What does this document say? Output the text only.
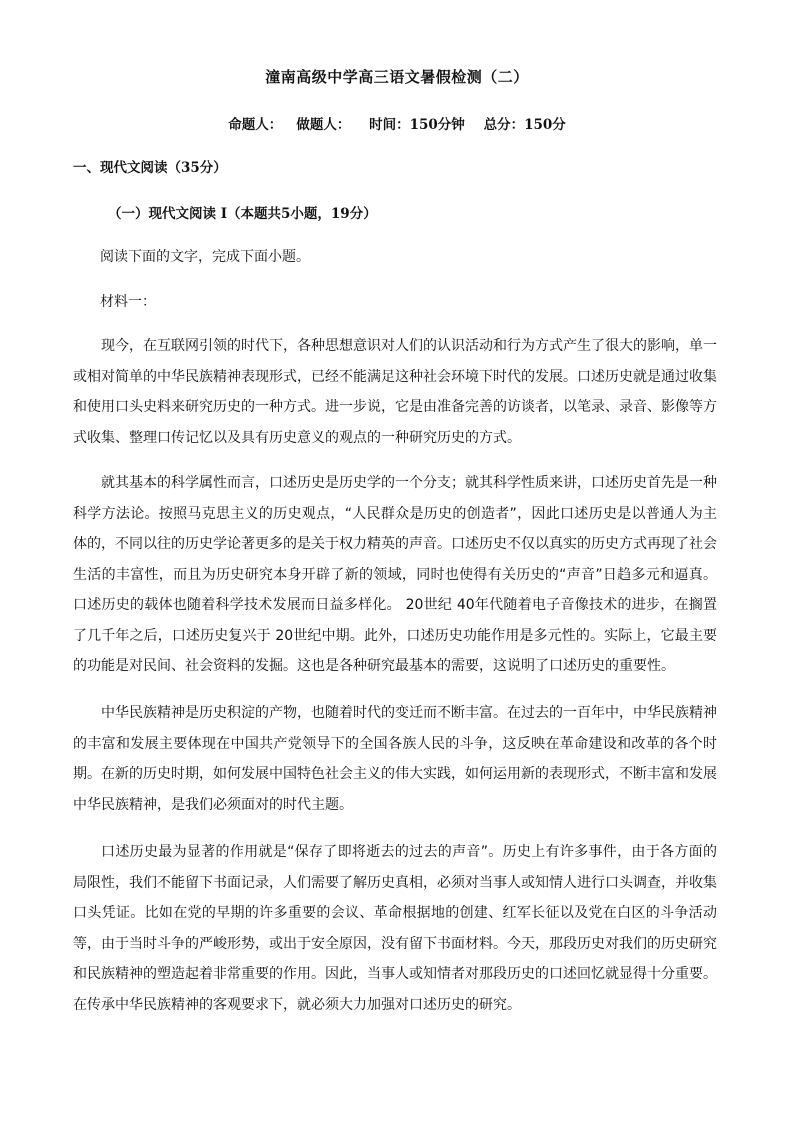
潼南高级中学高三语文暑假检测（二）
命题人：   做题人：    时间：150分钟    总分：150分
一、现代文阅读（35分）
（一）现代文阅读 I（本题共5小题，19分）
阅读下面的文字，完成下面小题。
材料一：
现今，在互联网引领的时代下，各种思想意识对人们的认识活动和行为方式产生了很大的影响，单一或相对简单的中华民族精神表现形式，已经不能满足这种社会环境下时代的发展。口述历史就是通过收集和使用口头史料来研究历史的一种方式。进一步说，它是由准备完善的访谈者，以笔录、录音、影像等方式收集、整理口传记忆以及具有历史意义的观点的一种研究历史的方式。
就其基本的科学属性而言，口述历史是历史学的一个分支；就其科学性质来讲，口述历史首先是一种科学方法论。按照马克思主义的历史观点，“人民群众是历史的创造者”，因此口述历史是以普通人为主体的，不同以往的历史学论著更多的是关于权力精英的声音。口述历史不仅以真实的历史方式再现了社会生活的丰富性，而且为历史研究本身开辟了新的领域，同时也使得有关历史的“声音”日趋多元和逼真。口述历史的载体也随着科学技术发展而日益多样化。 20世纪 40年代随着电子音像技术的进步，在搁置了几千年之后，口述历史复兴于 20世纪中期。此外，口述历史功能作用是多元性的。实际上，它最主要的功能是对民间、社会资料的发掘。这也是各种研究最基本的需要，这说明了口述历史的重要性。
中华民族精神是历史积淀的产物，也随着时代的变迁而不断丰富。在过去的一百年中，中华民族精神的丰富和发展主要体现在中国共产党领导下的全国各族人民的斗争，这反映在革命建设和改革的各个时期。在新的历史时期，如何发展中国特色社会主义的伟大实践，如何运用新的表现形式，不断丰富和发展中华民族精神，是我们必须面对的时代主题。
口述历史最为显著的作用就是“保存了即将逝去的过去的声音”。历史上有许多事件，由于各方面的局限性，我们不能留下书面记录，人们需要了解历史真相，必须对当事人或知情人进行口头调查，并收集口头凭证。比如在党的早期的许多重要的会议、革命根据地的创建、红军长征以及党在白区的斗争活动等，由于当时斗争的严峻形势，或出于安全原因，没有留下书面材料。今天，那段历史对我们的历史研究和民族精神的塑造起着非常重要的作用。因此，当事人或知情者对那段历史的口述回忆就显得十分重要。在传承中华民族精神的客观要求下，就必须大力加强对口述历史的研究。
